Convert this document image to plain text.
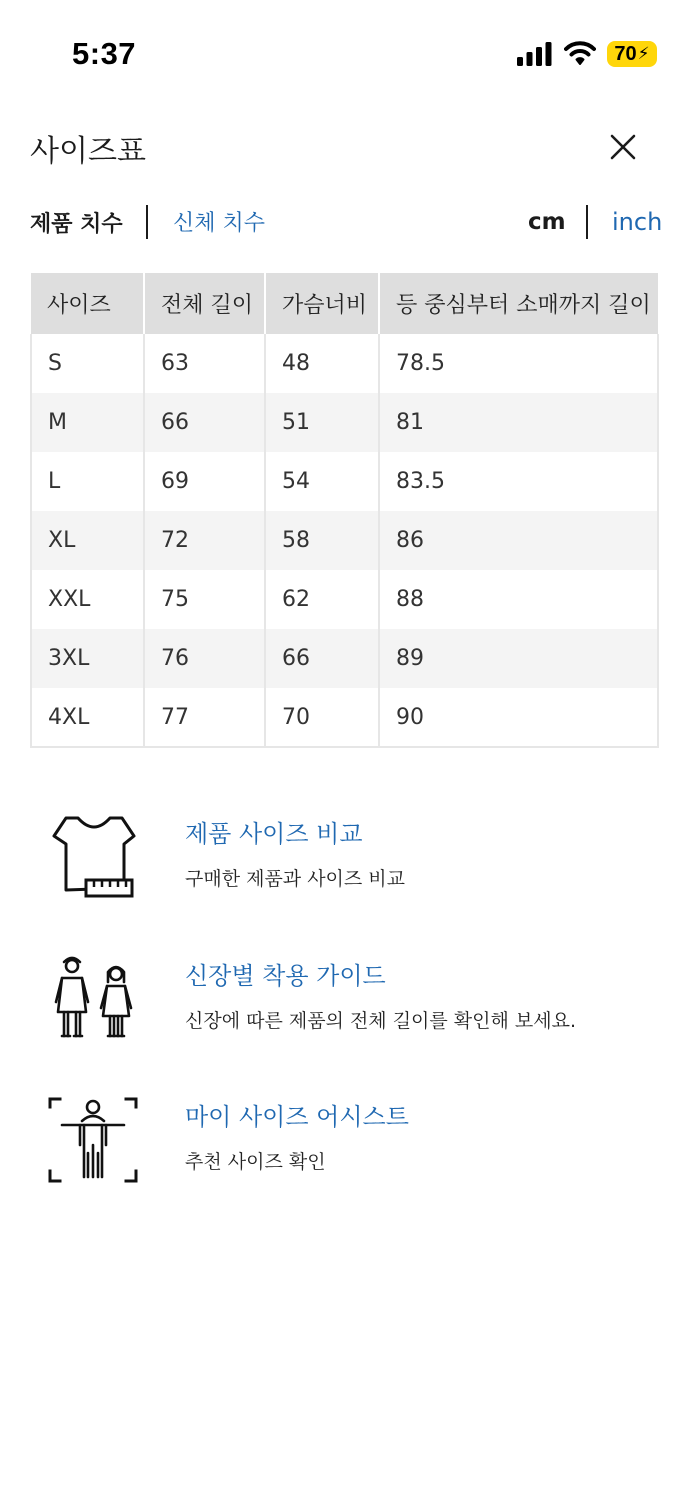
5:37	70 ⚡
사이즈표
제품 치수 신체 치수	cm inch
사이즈	전체 길이	가슴너비	등 중심부터 소매까지 길이
S	63	48	78.5
M	66	51	81
L	69	54	83.5
XL	72	58	86
XXL	75	62	88
3XL	76	66	89
4XL	77	70	90
제품 사이즈 비교
구매한 제품과 사이즈 비교
신장별 착용 가이드
신장에 따른 제품의 전체 길이를 확인해 보세요.
마이 사이즈 어시스트
추천 사이즈 확인
